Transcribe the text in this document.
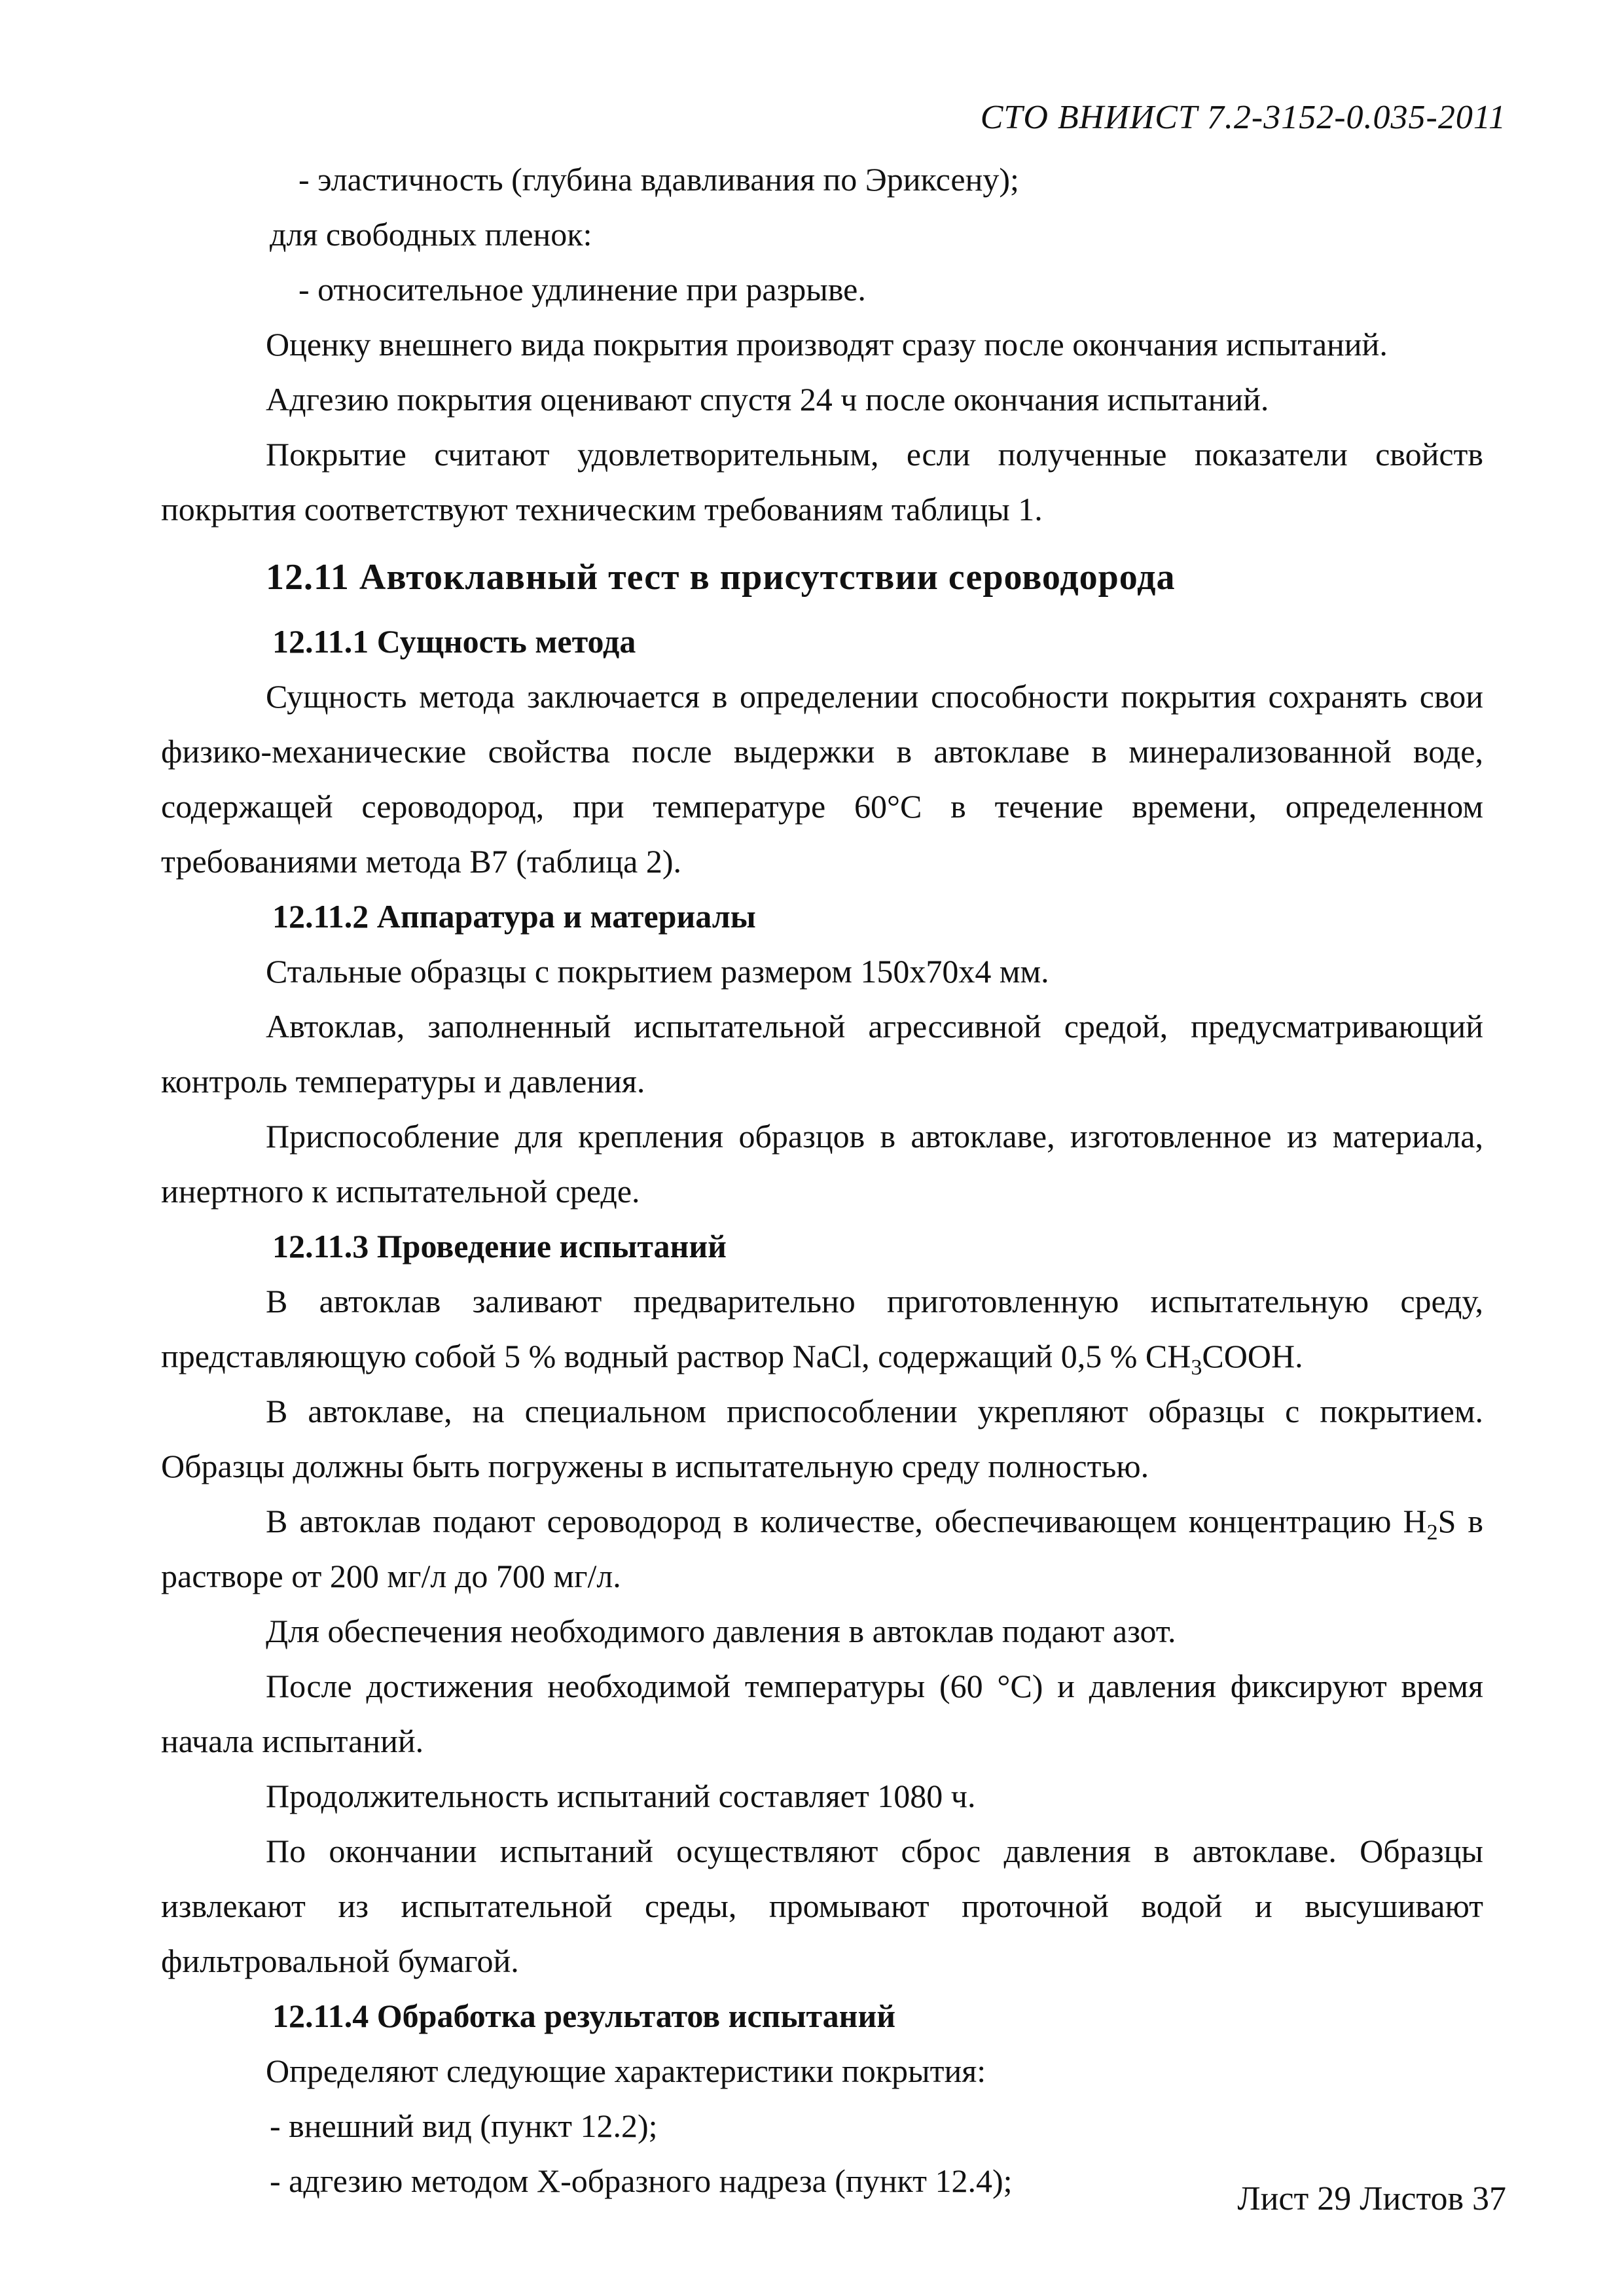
СТО ВНИИСТ 7.2-3152-0.035-2011

- эластичность (глубина вдавливания по Эриксену);

для свободных пленок:

- относительное удлинение при разрыве.

Оценку внешнего вида покрытия производят сразу после окончания испытаний.

Адгезию покрытия оценивают спустя 24 ч после окончания испытаний.

Покрытие считают удовлетворительным, если полученные показатели свойств покрытия соответствуют техническим требованиям таблицы 1.

12.11 Автоклавный тест в присутствии сероводорода
12.11.1 Сущность метода

Сущность метода заключается в определении способности покрытия сохранять свои физико-механические свойства после выдержки в автоклаве в минерализованной воде, содержащей сероводород, при температуре 60°С в течение времени, определенном требованиями метода В7 (таблица 2).

12.11.2 Аппаратура и материалы

Стальные образцы с покрытием размером 150х70х4 мм.

Автоклав, заполненный испытательной агрессивной средой, предусматривающий контроль температуры и давления.

Приспособление для крепления образцов в автоклаве, изготовленное из материала, инертного к испытательной среде.

12.11.3 Проведение испытаний

В автоклав заливают предварительно приготовленную испытательную среду, представляющую собой 5 % водный раствор NaCl, содержащий 0,5 % $CH_3COOH$.

В автоклаве, на специальном приспособлении укрепляют образцы с покрытием. Образцы должны быть погружены в испытательную среду полностью.

В автоклав подают сероводород в количестве, обеспечивающем концентрацию $H_2S$ в растворе от 200 мг/л до 700 мг/л.

Для обеспечения необходимого давления в автоклав подают азот.

После достижения необходимой температуры (60 °С) и давления фиксируют время начала испытаний.

Продолжительность испытаний составляет 1080 ч.

По окончании испытаний осуществляют сброс давления в автоклаве. Образцы извлекают из испытательной среды, промывают проточной водой и высушивают фильтровальной бумагой.

12.11.4 Обработка результатов испытаний

Определяют следующие характеристики покрытия:

- внешний вид (пункт 12.2);

- адгезию методом Х-образного надреза (пункт 12.4);	Лист 29 Листов 37
